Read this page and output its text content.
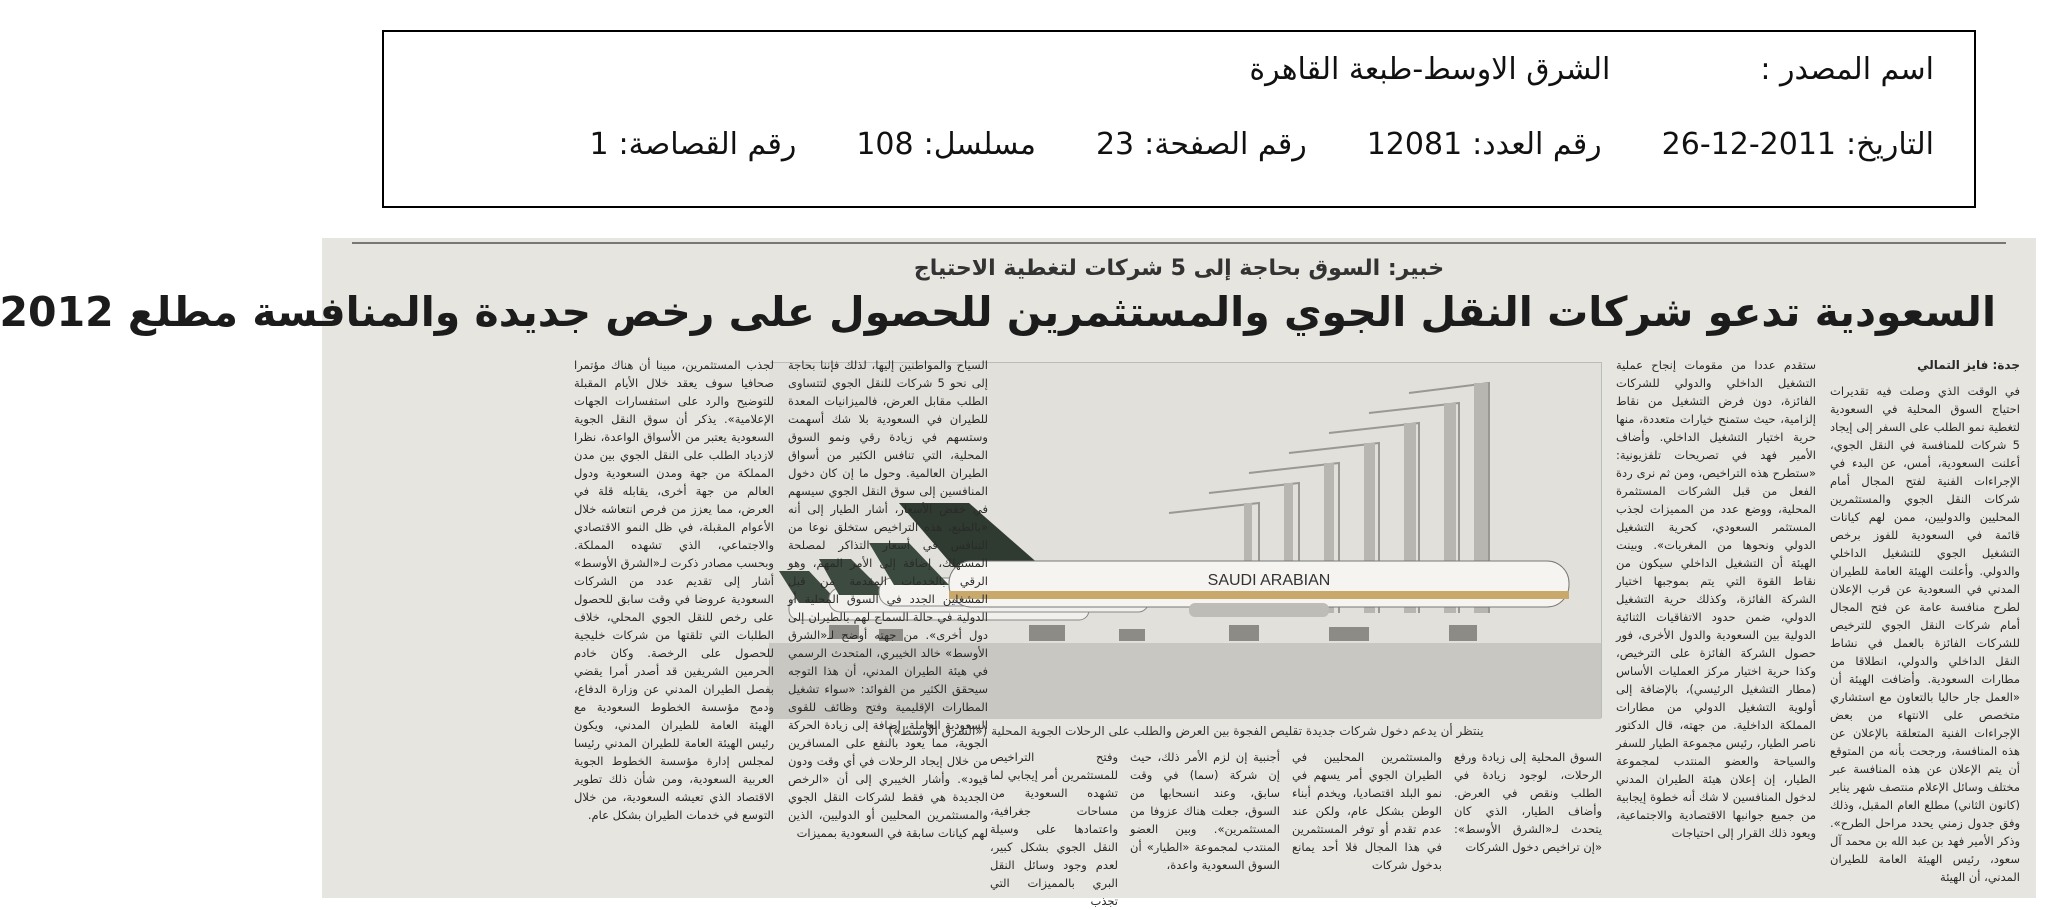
اسم المصدر :
الشرق الاوسط-طبعة القاهرة
التاريخ:
26-12-2011
رقم العدد:
12081
رقم الصفحة:
23
مسلسل:
108
رقم القصاصة:
1
خبير: السوق بحاجة إلى 5 شركات لتغطية الاحتياج
السعودية تدعو شركات النقل الجوي والمستثمرين للحصول على رخص جديدة والمنافسة مطلع 2012
جدة: فايز التمالي

في الوقت الذي وصلت فيه تقديرات احتياج السوق المحلية في السعودية لتغطية نمو الطلب على السفر إلى إيجاد 5 شركات للمنافسة في النقل الجوي، أعلنت السعودية، أمس، عن البدء في الإجراءات الفنية لفتح المجال أمام شركات النقل الجوي والمستثمرين المحليين والدوليين، ممن لهم كيانات قائمة في السعودية للفوز برخص التشغيل الجوي للتشغيل الداخلي والدولي. وأعلنت الهيئة العامة للطيران المدني في السعودية عن قرب الإعلان لطرح منافسة عامة عن فتح المجال أمام شركات النقل الجوي للترخيص للشركات الفائزة بالعمل في نشاط النقل الداخلي والدولي، انطلاقا من مطارات السعودية. وأضافت الهيئة أن «العمل جار حاليا بالتعاون مع استشاري متخصص على الانتهاء من بعض الإجراءات الفنية المتعلقة بالإعلان عن هذه المنافسة، ورجحت بأنه من المتوقع أن يتم الإعلان عن هذه المنافسة عبر مختلف وسائل الإعلام منتصف شهر يناير (كانون الثاني) مطلع العام المقبل، وذلك وفق جدول زمني يحدد مراحل الطرح». وذكر الأمير فهد بن عبد الله بن محمد آل سعود، رئيس الهيئة العامة للطيران المدني، أن الهيئة

ستقدم عددا من مقومات إنجاح عملية التشغيل الداخلي والدولي للشركات الفائزة، دون فرض التشغيل من نقاط إلزامية، حيث ستمنح خيارات متعددة، منها حرية اختيار التشغيل الداخلي. وأضاف الأمير فهد في تصريحات تلفزيونية: «ستطرح هذه التراخيص، ومن ثم نرى ردة الفعل من قبل الشركات المستثمرة المحلية، ووضع عدد من المميزات لجذب المستثمر السعودي، كحرية التشغيل الدولي ونحوها من المغريات». وبينت الهيئة أن التشغيل الداخلي سيكون من نقاط القوة التي يتم بموجبها اختيار الشركة الفائزة، وكذلك حرية التشغيل الدولي، ضمن حدود الاتفاقيات الثنائية الدولية بين السعودية والدول الأخرى، فور حصول الشركة الفائزة على الترخيص، وكذا حرية اختيار مركز العمليات الأساس (مطار التشغيل الرئيسي)، بالإضافة إلى أولوية التشغيل الدولي من مطارات المملكة الداخلية. من جهته، قال الدكتور ناصر الطيار، رئيس مجموعة الطيار للسفر والسياحة والعضو المنتدب لمجموعة الطيار، إن إعلان هيئة الطيران المدني لدخول المنافسين لا شك أنه خطوة إيجابية من جميع جوانبها الاقتصادية والاجتماعية، ويعود ذلك القرار إلى احتياجات

SAUDI ARABIAN
ينتظر أن يدعم دخول شركات جديدة تقليص الفجوة بين العرض والطلب على الرحلات الجوية المحلية («الشرق الأوسط»)

السوق المحلية إلى زيادة ورفع الرحلات، لوجود زيادة في الطلب ونقص في العرض. وأضاف الطيار، الذي كان يتحدث لـ«الشرق الأوسط»: «إن تراخيص دخول الشركات

والمستثمرين المحليين في الطيران الجوي أمر يسهم في نمو البلد اقتصاديا، ويخدم أبناء الوطن بشكل عام، ولكن عند عدم تقدم أو توفر المستثمرين في هذا المجال فلا أحد يمانع بدخول شركات

أجنبية إن لزم الأمر ذلك، حيث إن شركة (سما) في وقت سابق، وعند انسحابها من السوق، جعلت هناك عزوفا من المستثمرين». وبين العضو المنتدب لمجموعة «الطيار» أن السوق السعودية واعدة،

وفتح التراخيص للمستثمرين أمر إيجابي لما تشهده السعودية من مساحات جغرافية، واعتمادها على وسيلة النقل الجوي بشكل كبير، لعدم وجود وسائل النقل البري بالمميزات التي تجذب

السياح والمواطنين إليها، لذلك فإننا بحاجة إلى نحو 5 شركات للنقل الجوي لتتساوى الطلب مقابل العرض، فالميزانيات المعدة للطيران في السعودية بلا شك أسهمت وستسهم في زيادة رقي ونمو السوق المحلية، التي تنافس الكثير من أسواق الطيران العالمية. وحول ما إن كان دخول المنافسين إلى سوق النقل الجوي سيسهم في خفض الأسعار، أشار الطيار إلى أنه «بالطبع، هذه التراخيص ستخلق نوعا من التنافس في أسعار التذاكر لمصلحة المستهلك، إضافة إلى الأمر المهم، وهو الرقي بالخدمات المقدمة من قبل المشغلين الجدد في السوق المحلية أو الدولية في حالة السماح لهم بالطيران إلى دول أخرى». من جهته أوضح لـ«الشرق الأوسط» خالد الخيبري، المتحدث الرسمي في هيئة الطيران المدني، أن هذا التوجه سيحقق الكثير من الفوائد: «سواء تشغيل المطارات الإقليمية وفتح وظائف للقوى السعودية العاملة، إضافة إلى زيادة الحركة الجوية، مما يعود بالنفع على المسافرين من خلال إيجاد الرحلات في أي وقت ودون قيود». وأشار الخيبري إلى أن «الرخص الجديدة هي فقط لشركات النقل الجوي والمستثمرين المحليين أو الدوليين، الذين لهم كيانات سابقة في السعودية بمميزات

لجذب المستثمرين، مبينا أن هناك مؤتمرا صحافيا سوف يعقد خلال الأيام المقبلة للتوضيح والرد على استفسارات الجهات الإعلامية». يذكر أن سوق النقل الجوية السعودية يعتبر من الأسواق الواعدة، نظرا لازدياد الطلب على النقل الجوي بين مدن المملكة من جهة ومدن السعودية ودول العالم من جهة أخرى، يقابله قلة في العرض، مما يعزز من فرص انتعاشه خلال الأعوام المقبلة، في ظل النمو الاقتصادي والاجتماعي، الذي تشهده المملكة. وبحسب مصادر ذكرت لـ«الشرق الأوسط» أشار إلى تقديم عدد من الشركات السعودية عروضا في وقت سابق للحصول على رخص للنقل الجوي المحلي، خلاف الطلبات التي تلقتها من شركات خليجية للحصول على الرخصة. وكان خادم الحرمين الشريفين قد أصدر أمرا يقضي بفصل الطيران المدني عن وزارة الدفاع، ودمج مؤسسة الخطوط السعودية مع الهيئة العامة للطيران المدني، ويكون رئيس الهيئة العامة للطيران المدني رئيسا لمجلس إدارة مؤسسة الخطوط الجوية العربية السعودية، ومن شأن ذلك تطوير الاقتصاد الذي تعيشه السعودية، من خلال التوسع في خدمات الطيران بشكل عام.
